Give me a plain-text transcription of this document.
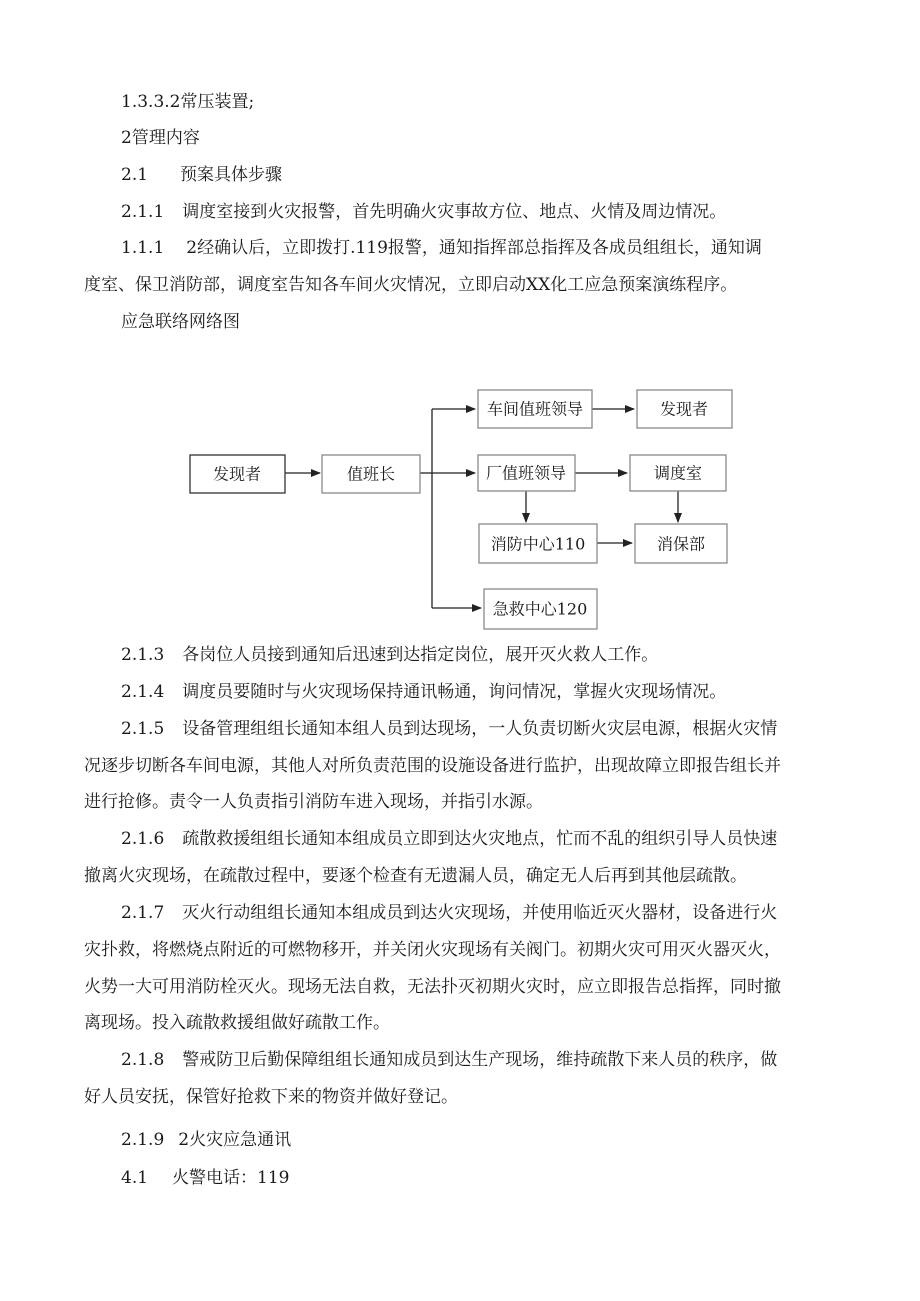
1.3.3.2常压装置;
2管理内容
2.1 预案具体步骤
2.1.1 调度室接到火灾报警，首先明确火灾事故方位、地点、火情及周边情况。
1.1.1 2经确认后，立即拨打.119报警，通知指挥部总指挥及各成员组组长，通知调
度室、保卫消防部，调度室告知各车间火灾情况，立即启动XX化工应急预案演练程序。
应急联络网络图
发现者	值班长
车间值班领导	发现者
厂值班领导	调度室
消防中心110	消保部
急救中心120
2.1.3 各岗位人员接到通知后迅速到达指定岗位，展开灭火救人工作。
2.1.4 调度员要随时与火灾现场保持通讯畅通，询问情况，掌握火灾现场情况。
2.1.5 设备管理组组长通知本组人员到达现场，一人负责切断火灾层电源，根据火灾情
况逐步切断各车间电源，其他人对所负责范围的设施设备进行监护，出现故障立即报告组长并
进行抢修。责令一人负责指引消防车进入现场，并指引水源。
2.1.6 疏散救援组组长通知本组成员立即到达火灾地点，忙而不乱的组织引导人员快速
撤离火灾现场，在疏散过程中，要逐个检查有无遗漏人员，确定无人后再到其他层疏散。
2.1.7 灭火行动组组长通知本组成员到达火灾现场，并使用临近灭火器材，设备进行火
灾扑救，将燃烧点附近的可燃物移开，并关闭火灾现场有关阀门。初期火灾可用灭火器灭火，
火势一大可用消防栓灭火。现场无法自救，无法扑灭初期火灾时，应立即报告总指挥，同时撤
离现场。投入疏散救援组做好疏散工作。
2.1.8 警戒防卫后勤保障组组长通知成员到达生产现场，维持疏散下来人员的秩序，做
好人员安抚，保管好抢救下来的物资并做好登记。
2.1.9 2火灾应急通讯
4.1 火警电话：119
